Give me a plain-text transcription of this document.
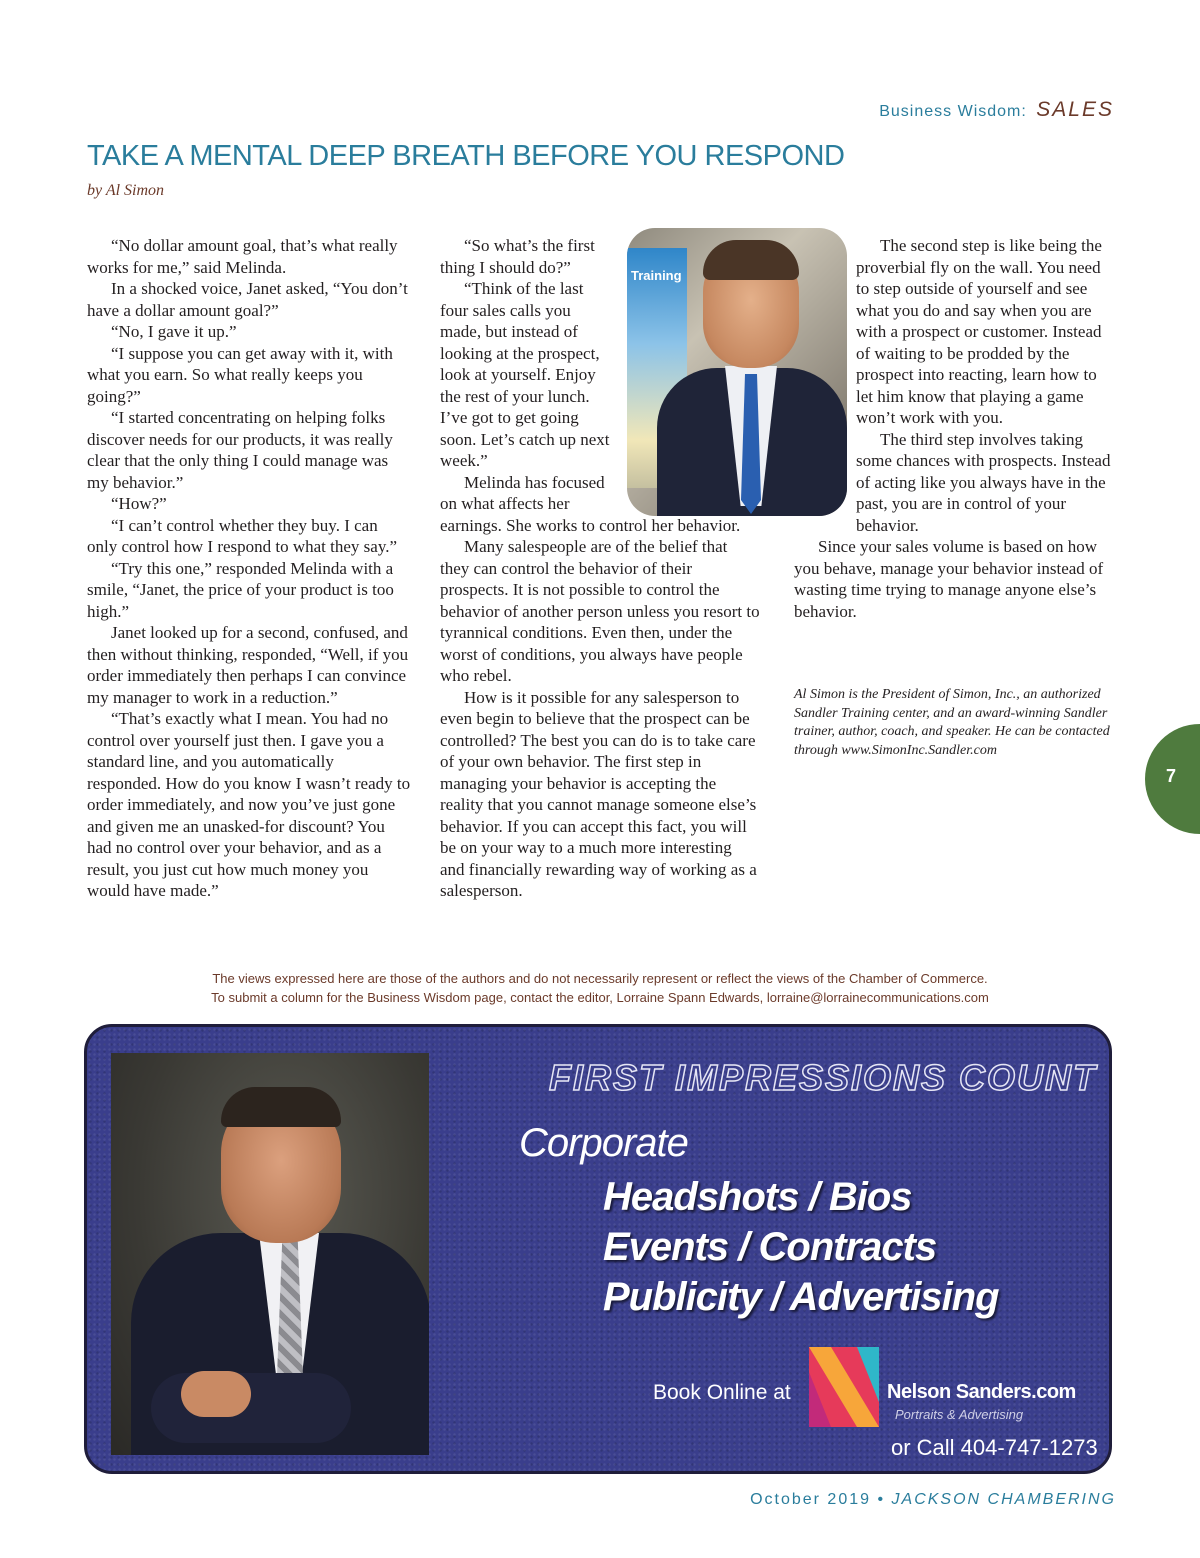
Business Wisdom: SALES
TAKE A MENTAL DEEP BREATH BEFORE YOU RESPOND
by Al Simon

“No dollar amount goal, that’s what really works for me,” said Melinda.

In a shocked voice, Janet asked, “You don’t have a dollar amount goal?”

“No, I gave it up.”

“I suppose you can get away with it, with what you earn. So what really keeps you going?”

“I started concentrating on helping folks discover needs for our products, it was really clear that the only thing I could manage was my behavior.”

“How?”

“I can’t control whether they buy. I can only control how I respond to what they say.”

“Try this one,” responded Melinda with a smile, “Janet, the price of your product is too high.”

Janet looked up for a second, confused, and then without thinking, responded, “Well, if you order immediately then perhaps I can convince my manager to work in a reduction.”

“That’s exactly what I mean. You had no control over yourself just then. I gave you a standard line, and you automatically responded. How do you know I wasn’t ready to order immediately, and now you’ve just gone and given me an unasked-for discount? You had no control over your behavior, and as a result, you just cut how much money you would have made.”

“So what’s the first thing I should do?”

“Think of the last four sales calls you made, but instead of looking at the prospect, look at yourself. Enjoy the rest of your lunch. I’ve got to get going soon. Let’s catch up next week.”

Melinda has focused on what affects her earnings. She works to control her behavior.

Many salespeople are of the belief that they can control the behavior of their prospects. It is not possible to control the behavior of another person unless you resort to tyrannical conditions. Even then, under the worst of conditions, you always have people who rebel.

How is it possible for any salesperson to even begin to believe that the prospect can be controlled? The best you can do is to take care of your own behavior. The first step in managing your behavior is accepting the reality that you cannot manage someone else’s behavior. If you can accept this fact, you will be on your way to a much more interesting and financially rewarding way of working as a salesperson.

Training

The second step is like being the proverbial fly on the wall. You need to step outside of yourself and see what you do and say when you are with a prospect or customer. Instead of waiting to be prodded by the prospect into reacting, learn how to let him know that playing a game won’t work with you.

The third step involves taking some chances with prospects. Instead of acting like you always have in the past, you are in control of your behavior.

Since your sales volume is based on how you behave, manage your behavior instead of wasting time trying to manage anyone else’s behavior.

Al Simon is the President of Simon, Inc., an authorized Sandler Training center, and an award-winning Sandler trainer, author, coach, and speaker. He can be contacted through www.SimonInc.Sandler.com
7
The views expressed here are those of the authors and do not necessarily represent or reflect the views of the Chamber of Commerce.
To submit a column for the Business Wisdom page, contact the editor, Lorraine Spann Edwards, lorraine@lorrainecommunications.com
FIRST IMPRESSIONS COUNT
Corporate
Headshots / Bios
Events / Contracts
Publicity / Advertising
Book Online at	Nelson Sanders.com
Portraits & Advertising
or Call 404-747-1273
October 2019 • JACKSON CHAMBERING
